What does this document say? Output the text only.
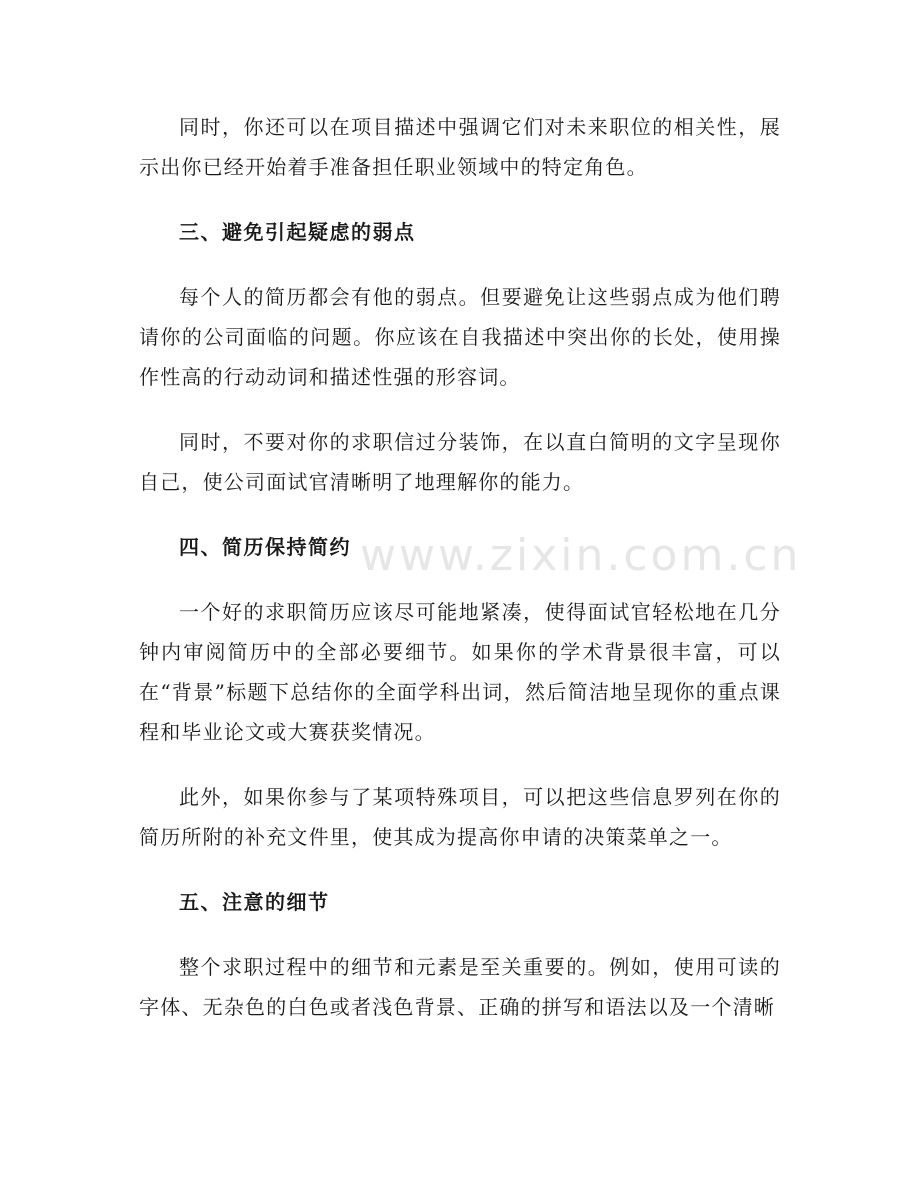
www.zixin.com.cn

同时，你还可以在项目描述中强调它们对未来职位的相关性，展示出你已经开始着手准备担任职业领域中的特定角色。

三、避免引起疑虑的弱点

每个人的简历都会有他的弱点。但要避免让这些弱点成为他们聘请你的公司面临的问题。你应该在自我描述中突出你的长处，使用操作性高的行动动词和描述性强的形容词。

同时，不要对你的求职信过分装饰，在以直白简明的文字呈现你自己，使公司面试官清晰明了地理解你的能力。

四、简历保持简约

一个好的求职简历应该尽可能地紧凑，使得面试官轻松地在几分钟内审阅简历中的全部必要细节。如果你的学术背景很丰富，可以在“背景”标题下总结你的全面学科出词，然后简洁地呈现你的重点课程和毕业论文或大赛获奖情况。

此外，如果你参与了某项特殊项目，可以把这些信息罗列在你的简历所附的补充文件里，使其成为提高你申请的决策菜单之一。

五、注意的细节

整个求职过程中的细节和元素是至关重要的。例如，使用可读的字体、无杂色的白色或者浅色背景、正确的拼写和语法以及一个清晰
